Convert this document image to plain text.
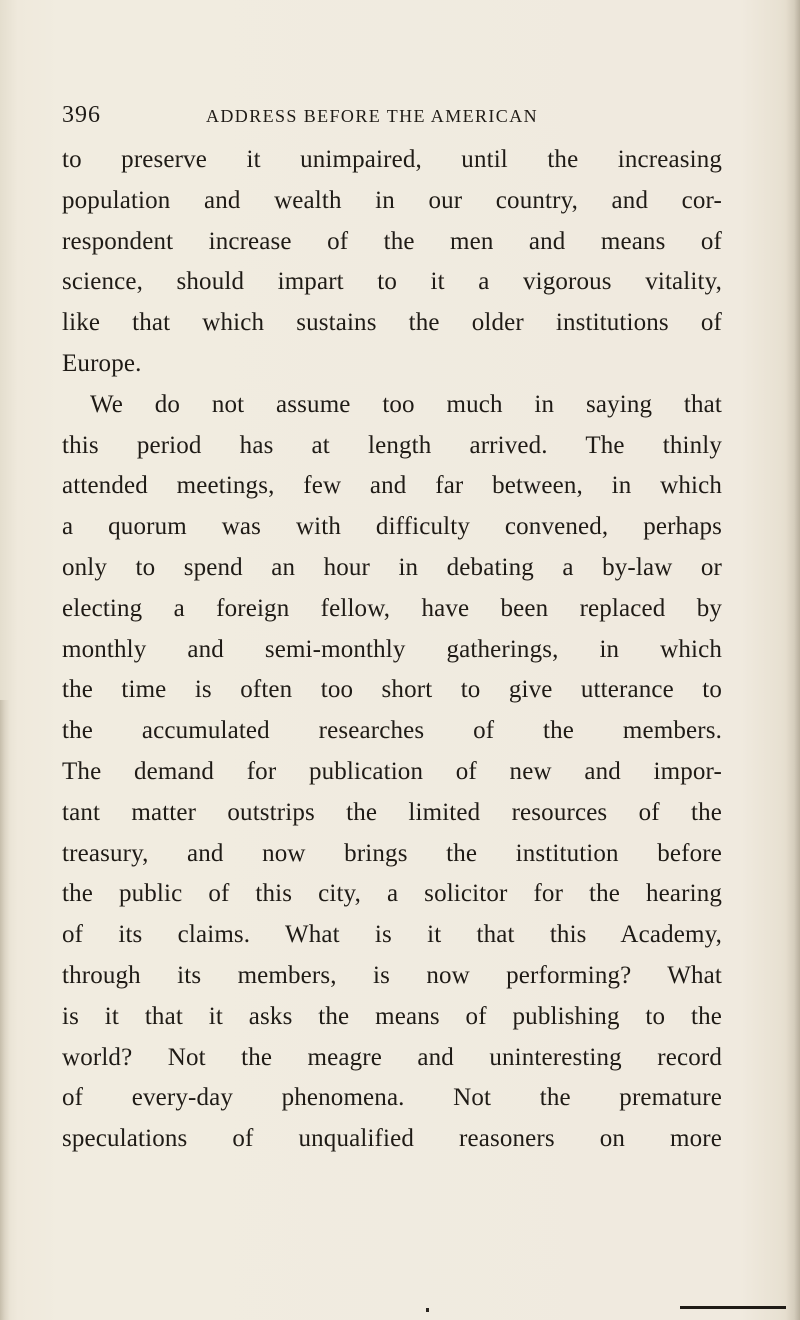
396	ADDRESS BEFORE THE AMERICAN
to preserve it unimpaired, until the increasing
population and wealth in our country, and cor-
respondent increase of the men and means of
science, should impart to it a vigorous vitality,
like that which sustains the older institutions of
Europe.
We do not assume too much in saying that
this period has at length arrived. The thinly
attended meetings, few and far between, in which
a quorum was with difficulty convened, perhaps
only to spend an hour in debating a by-law or
electing a foreign fellow, have been replaced by
monthly and semi-monthly gatherings, in which
the time is often too short to give utterance to
the accumulated researches of the members.
The demand for publication of new and impor-
tant matter outstrips the limited resources of the
treasury, and now brings the institution before
the public of this city, a solicitor for the hearing
of its claims. What is it that this Academy,
through its members, is now performing? What
is it that it asks the means of publishing to the
world? Not the meagre and uninteresting record
of every-day phenomena. Not the premature
speculations of unqualified reasoners on more
